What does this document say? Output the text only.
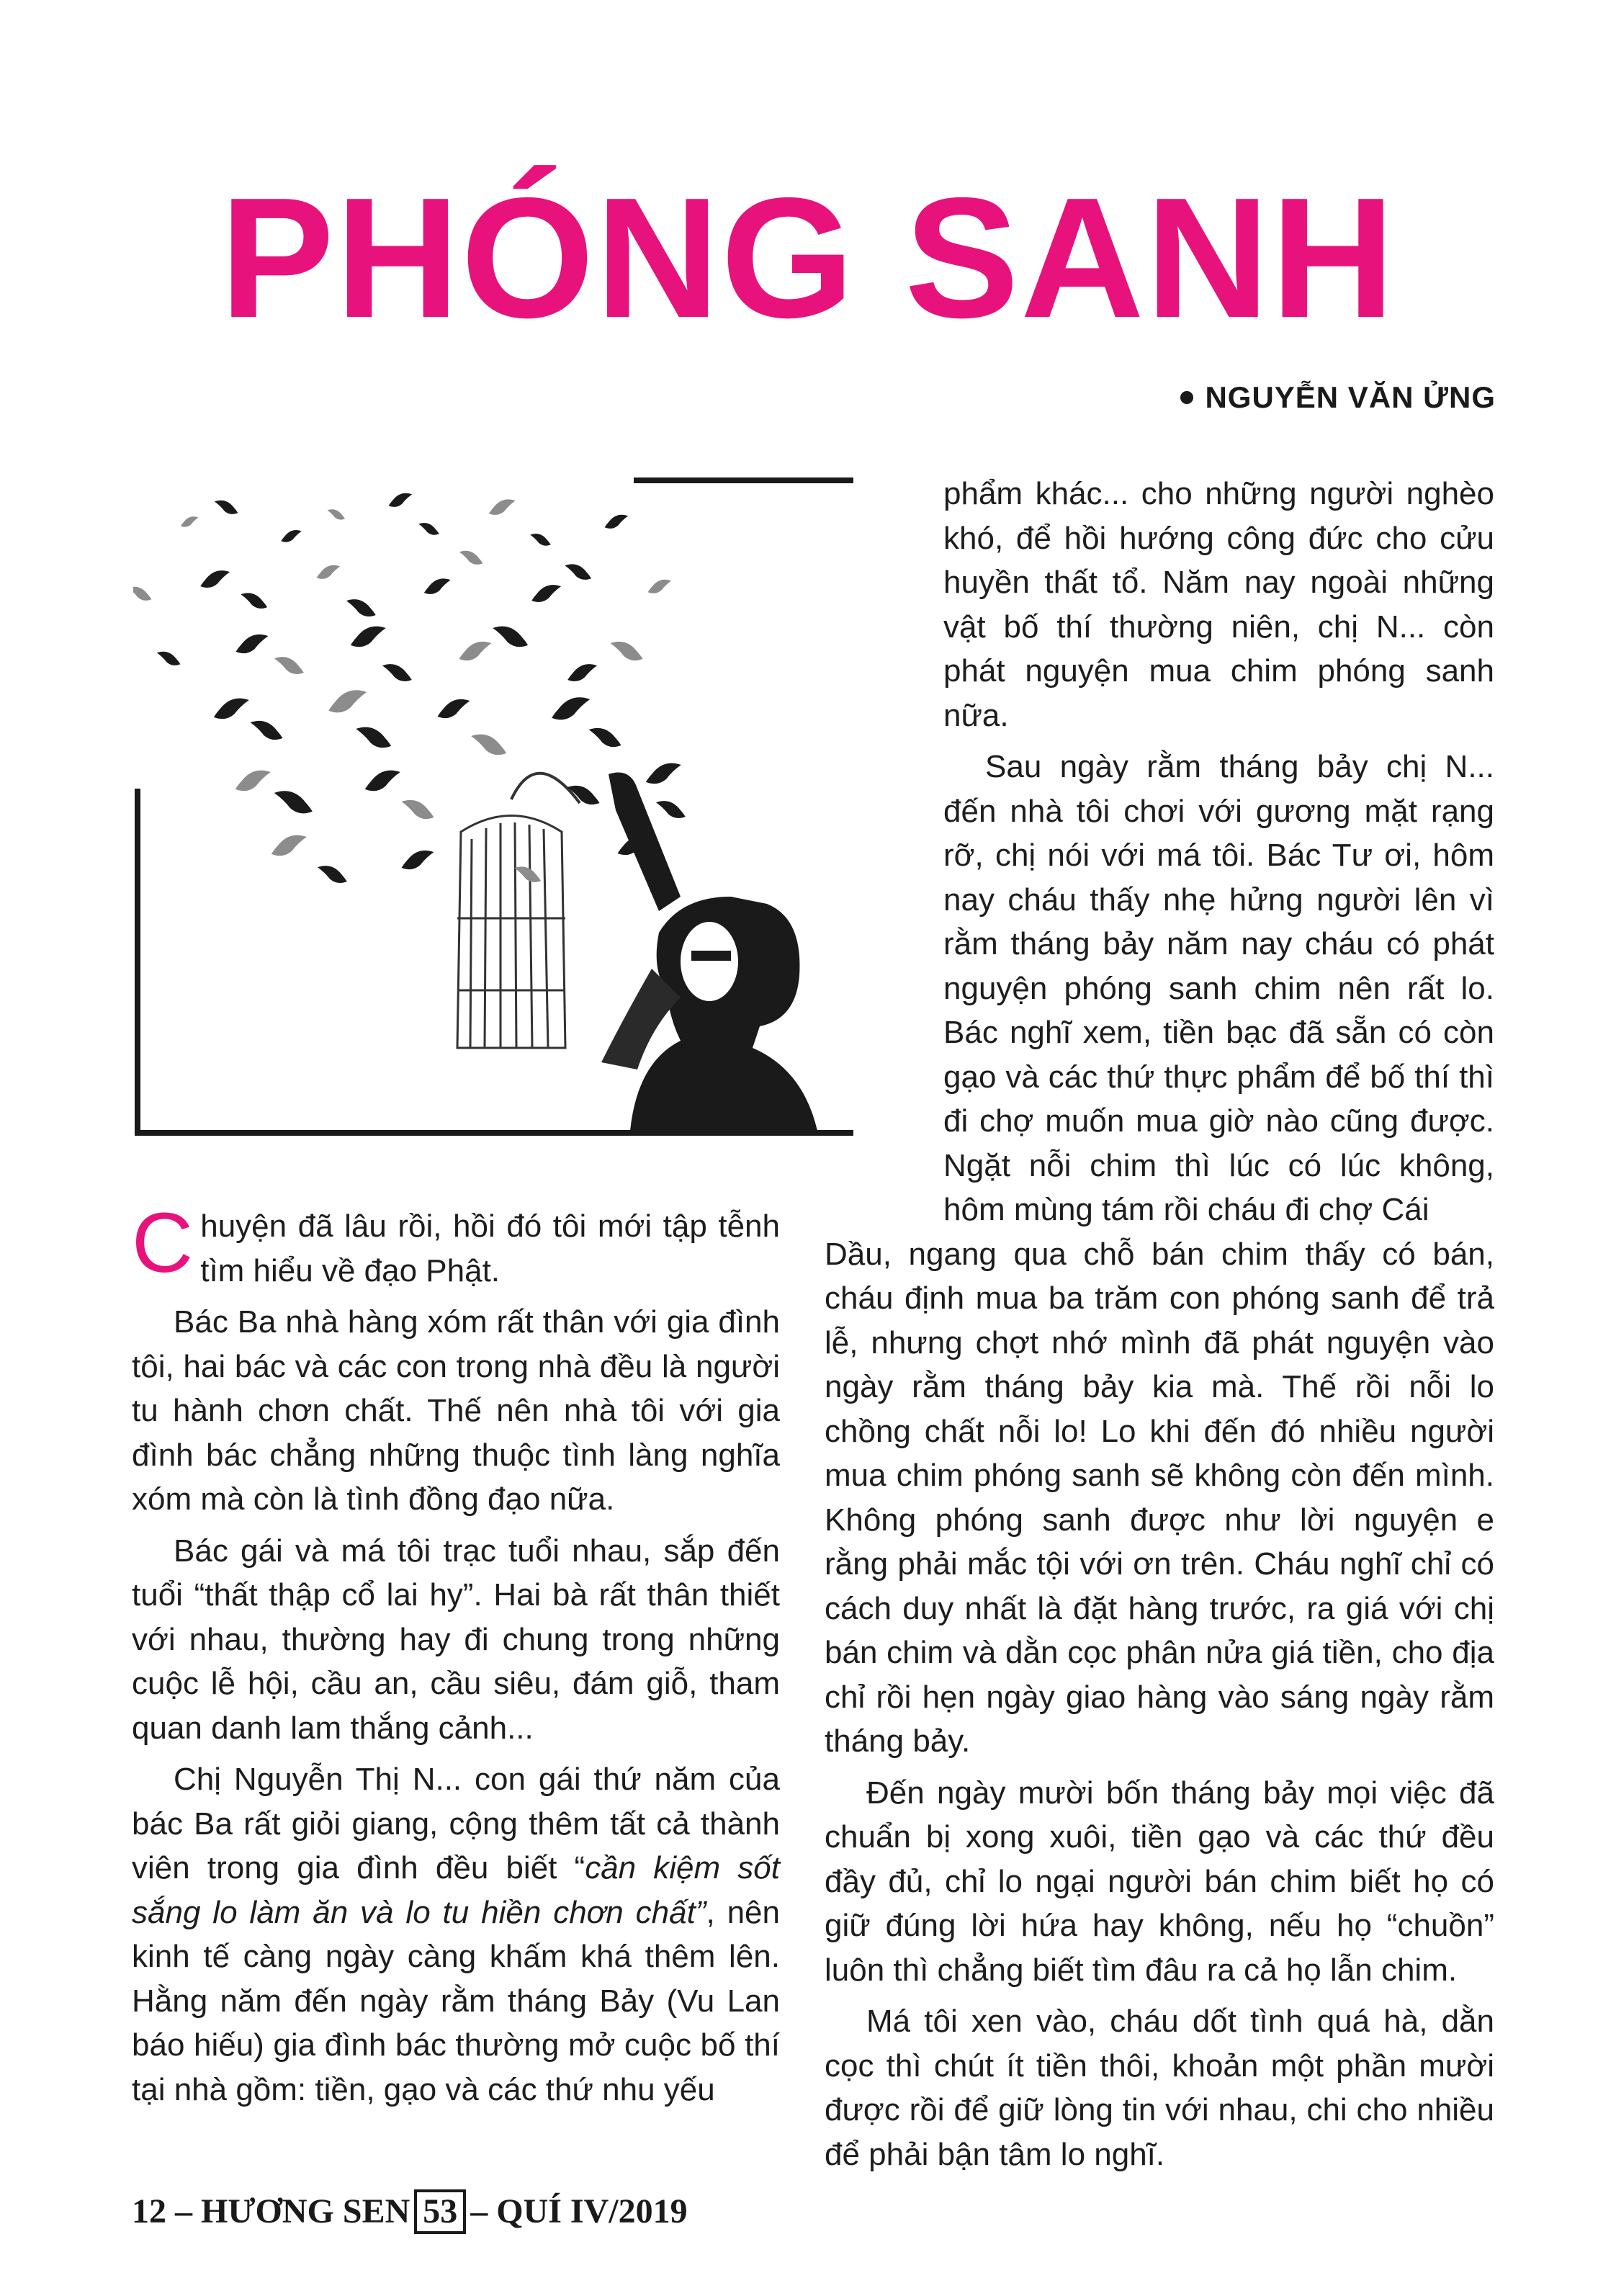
PHÓNG SANH
NGUYỄN VĂN ỬNG

Chuyện đã lâu rồi, hồi đó tôi mới tập tễnh tìm hiểu về đạo Phật.

Bác Ba nhà hàng xóm rất thân với gia đình tôi, hai bác và các con trong nhà đều là người tu hành chơn chất. Thế nên nhà tôi với gia đình bác chẳng những thuộc tình làng nghĩa xóm mà còn là tình đồng đạo nữa.

Bác gái và má tôi trạc tuổi nhau, sắp đến tuổi “thất thập cổ lai hy”. Hai bà rất thân thiết với nhau, thường hay đi chung trong những cuộc lễ hội, cầu an, cầu siêu, đám giỗ, tham quan danh lam thắng cảnh...

Chị Nguyễn Thị N... con gái thứ năm của bác Ba rất giỏi giang, cộng thêm tất cả thành viên trong gia đình đều biết “cần kiệm sốt sắng lo làm ăn và lo tu hiền chơn chất”, nên kinh tế càng ngày càng khấm khá thêm lên. Hằng năm đến ngày rằm tháng Bảy (Vu Lan báo hiếu) gia đình bác thường mở cuộc bố thí tại nhà gồm: tiền, gạo và các thứ nhu yếu

phẩm khác... cho những người nghèo khó, để hồi hướng công đức cho cửu huyền thất tổ. Năm nay ngoài những vật bố thí thường niên, chị N... còn phát nguyện mua chim phóng sanh nữa.

Sau ngày rằm tháng bảy chị N... đến nhà tôi chơi với gương mặt rạng rỡ, chị nói với má tôi. Bác Tư ơi, hôm nay cháu thấy nhẹ hửng người lên vì rằm tháng bảy năm nay cháu có phát nguyện phóng sanh chim nên rất lo. Bác nghĩ xem, tiền bạc đã sẵn có còn gạo và các thứ thực phẩm để bố thí thì đi chợ muốn mua giờ nào cũng được. Ngặt nỗi chim thì lúc có lúc không, hôm mùng tám rồi cháu đi chợ Cái

Dầu, ngang qua chỗ bán chim thấy có bán, cháu định mua ba trăm con phóng sanh để trả lễ, nhưng chợt nhớ mình đã phát nguyện vào ngày rằm tháng bảy kia mà. Thế rồi nỗi lo chồng chất nỗi lo! Lo khi đến đó nhiều người mua chim phóng sanh sẽ không còn đến mình. Không phóng sanh được như lời nguyện e rằng phải mắc tội với ơn trên. Cháu nghĩ chỉ có cách duy nhất là đặt hàng trước, ra giá với chị bán chim và dằn cọc phân nửa giá tiền, cho địa chỉ rồi hẹn ngày giao hàng vào sáng ngày rằm tháng bảy.

Đến ngày mười bốn tháng bảy mọi việc đã chuẩn bị xong xuôi, tiền gạo và các thứ đều đầy đủ, chỉ lo ngại người bán chim biết họ có giữ đúng lời hứa hay không, nếu họ “chuồn” luôn thì chẳng biết tìm đâu ra cả họ lẫn chim.

Má tôi xen vào, cháu dốt tình quá hà, dằn cọc thì chút ít tiền thôi, khoản một phần mười được rồi để giữ lòng tin với nhau, chi cho nhiều để phải bận tâm lo nghĩ.

12 – HƯƠNG SEN 53 – QUÍ IV/2019
